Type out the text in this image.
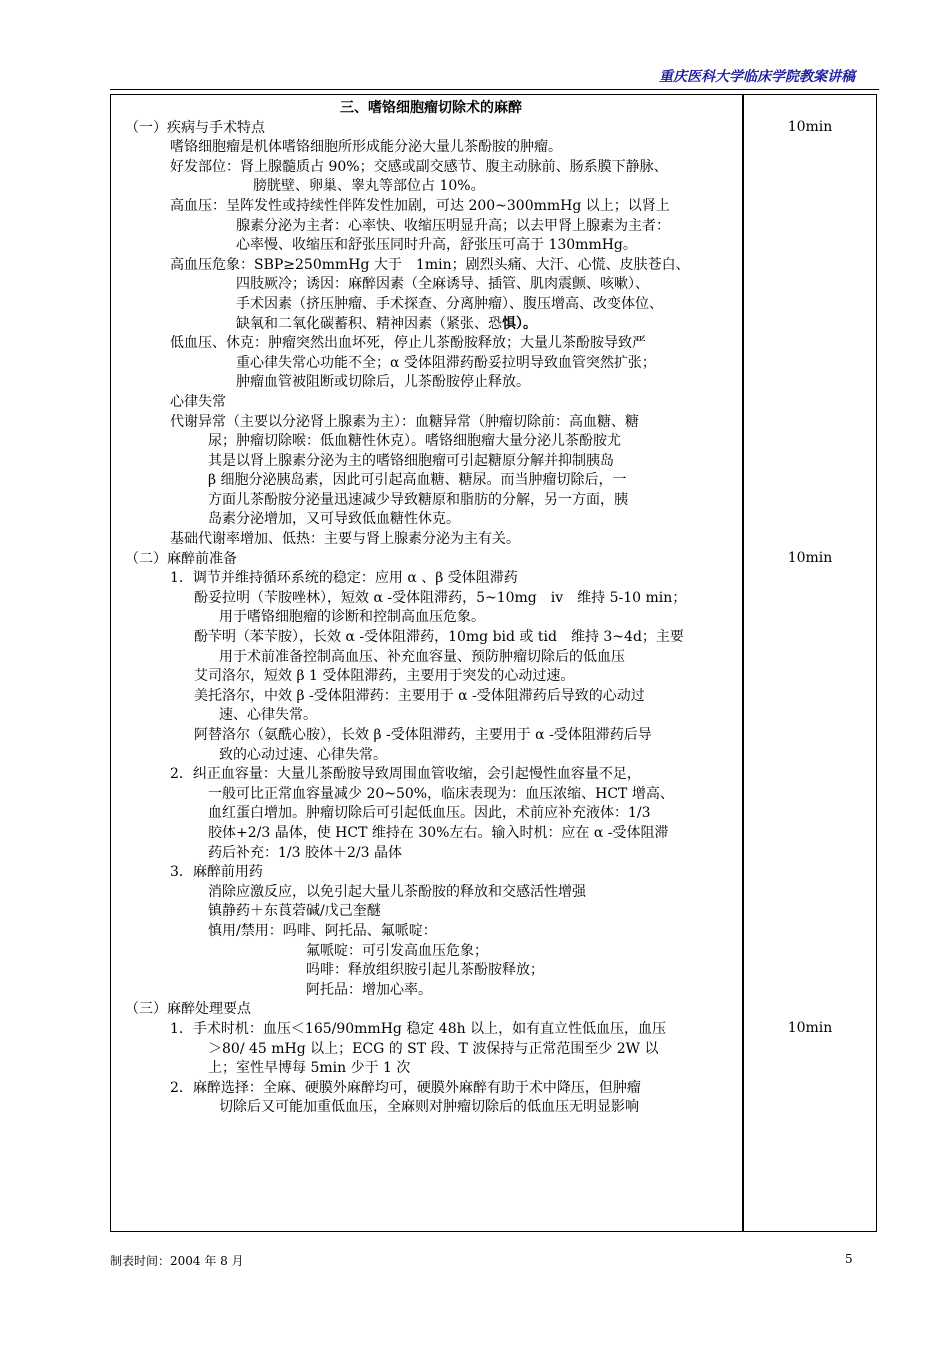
重庆医科大学临床学院教案讲稿
三、嗜铬细胞瘤切除术的麻醉
（一）疾病与手术特点
嗜铬细胞瘤是机体嗜铬细胞所形成能分泌大量儿茶酚胺的肿瘤。
好发部位：肾上腺髓质占 90%；交感或副交感节、腹主动脉前、肠系膜下静脉、
膀胱壁、卵巢、睾丸等部位占 10%。
高血压：呈阵发性或持续性伴阵发性加剧，可达 200~300mmHg 以上；以肾上
腺素分泌为主者：心率快、收缩压明显升高；以去甲肾上腺素为主者：
心率慢、收缩压和舒张压同时升高，舒张压可高于 130mmHg。
高血压危象：SBP≥250mmHg 大于　1min；剧烈头痛、大汗、心慌、皮肤苍白、
四肢厥冷；诱因：麻醉因素（全麻诱导、插管、肌肉震颤、咳嗽）、
手术因素（挤压肿瘤、手术探查、分离肿瘤）、腹压增高、改变体位、
缺氧和二氧化碳蓄积、精神因素（紧张、恐惧）。
低血压、休克：肿瘤突然出血坏死，停止儿茶酚胺释放；大量儿茶酚胺导致严
重心律失常心功能不全；α 受体阻滞药酚妥拉明导致血管突然扩张；
肿瘤血管被阻断或切除后，儿茶酚胺停止释放。
心律失常
代谢异常（主要以分泌肾上腺素为主）：血糖异常（肿瘤切除前：高血糖、糖
尿；肿瘤切除喉：低血糖性休克）。嗜铬细胞瘤大量分泌儿茶酚胺尤
其是以肾上腺素分泌为主的嗜铬细胞瘤可引起糖原分解并抑制胰岛
β 细胞分泌胰岛素，因此可引起高血糖、糖尿。而当肿瘤切除后，一
方面儿茶酚胺分泌量迅速减少导致糖原和脂肪的分解，另一方面，胰
岛素分泌增加，又可导致低血糖性休克。
基础代谢率增加、低热：主要与肾上腺素分泌为主有关。
（二）麻醉前准备
1．调节并维持循环系统的稳定：应用 α 、β 受体阻滞药
酚妥拉明（苄胺唑林），短效 α -受体阻滞药，5~10mg　iv　维持 5-10 min；
用于嗜铬细胞瘤的诊断和控制高血压危象。
酚苄明（苯苄胺），长效 α -受体阻滞药，10mg bid 或 tid　维持 3~4d；主要
用于术前准备控制高血压、补充血容量、预防肿瘤切除后的低血压
艾司洛尔，短效 β 1 受体阻滞药，主要用于突发的心动过速。
美托洛尔，中效 β -受体阻滞药：主要用于 α -受体阻滞药后导致的心动过
速、心律失常。
阿替洛尔（氨酰心胺），长效 β -受体阻滞药，主要用于 α -受体阻滞药后导
致的心动过速、心律失常。
2．纠正血容量：大量儿茶酚胺导致周围血管收缩，会引起慢性血容量不足，
一般可比正常血容量减少 20~50%，临床表现为：血压浓缩、HCT 增高、
血红蛋白增加。肿瘤切除后可引起低血压。因此，术前应补充液体：1/3
胶体+2/3 晶体，使 HCT 维持在 30%左右。输入时机：应在 α -受体阻滞
药后补充：1/3 胶体＋2/3 晶体
3．麻醉前用药
消除应激反应，以免引起大量儿茶酚胺的释放和交感活性增强
镇静药＋东莨菪碱/戊己奎醚
慎用/禁用：吗啡、阿托品、氟哌啶：
氟哌啶：可引发高血压危象；
吗啡：释放组织胺引起儿茶酚胺释放；
阿托品：增加心率。
（三）麻醉处理要点
1．手术时机：血压＜165/90mmHg 稳定 48h 以上，如有直立性低血压，血压
＞80/ 45 mHg 以上；ECG 的 ST 段、T 波保持与正常范围至少 2W 以
上；室性早博每 5min 少于 1 次
2．麻醉选择：全麻、硬膜外麻醉均可，硬膜外麻醉有助于术中降压，但肿瘤
切除后又可能加重低血压，全麻则对肿瘤切除后的低血压无明显影响
10min
10min
10min
制表时间：2004 年 8 月	5
